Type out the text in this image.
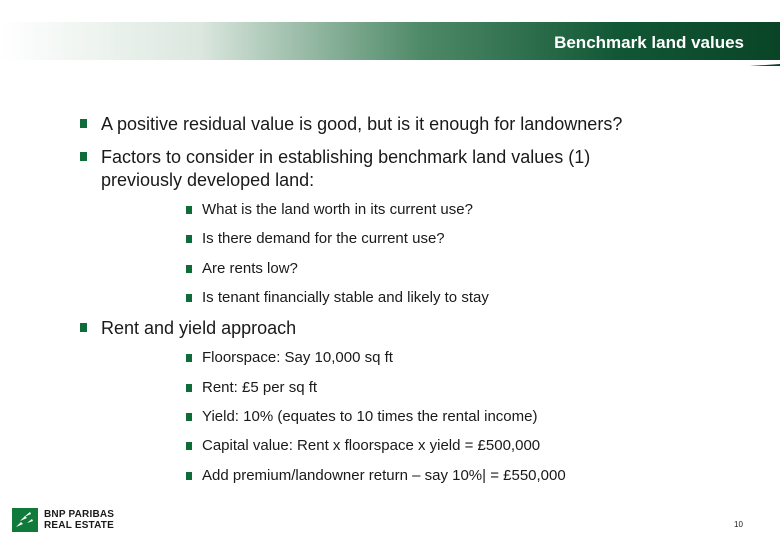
Benchmark land values
A positive residual value is good, but is it enough for landowners?
Factors to consider in establishing benchmark land values (1)
previously developed land:
What is the land worth in its current use?
Is there demand for the current use?
Are rents low?
Is tenant financially stable and likely to stay
Rent and yield approach
Floorspace: Say 10,000 sq ft
Rent: £5 per sq ft
Yield: 10% (equates to 10 times the rental income)
Capital value: Rent x floorspace x yield = £500,000
Add premium/landowner return – say 10%| = £550,000
BNP PARIBAS
REAL ESTATE	10
